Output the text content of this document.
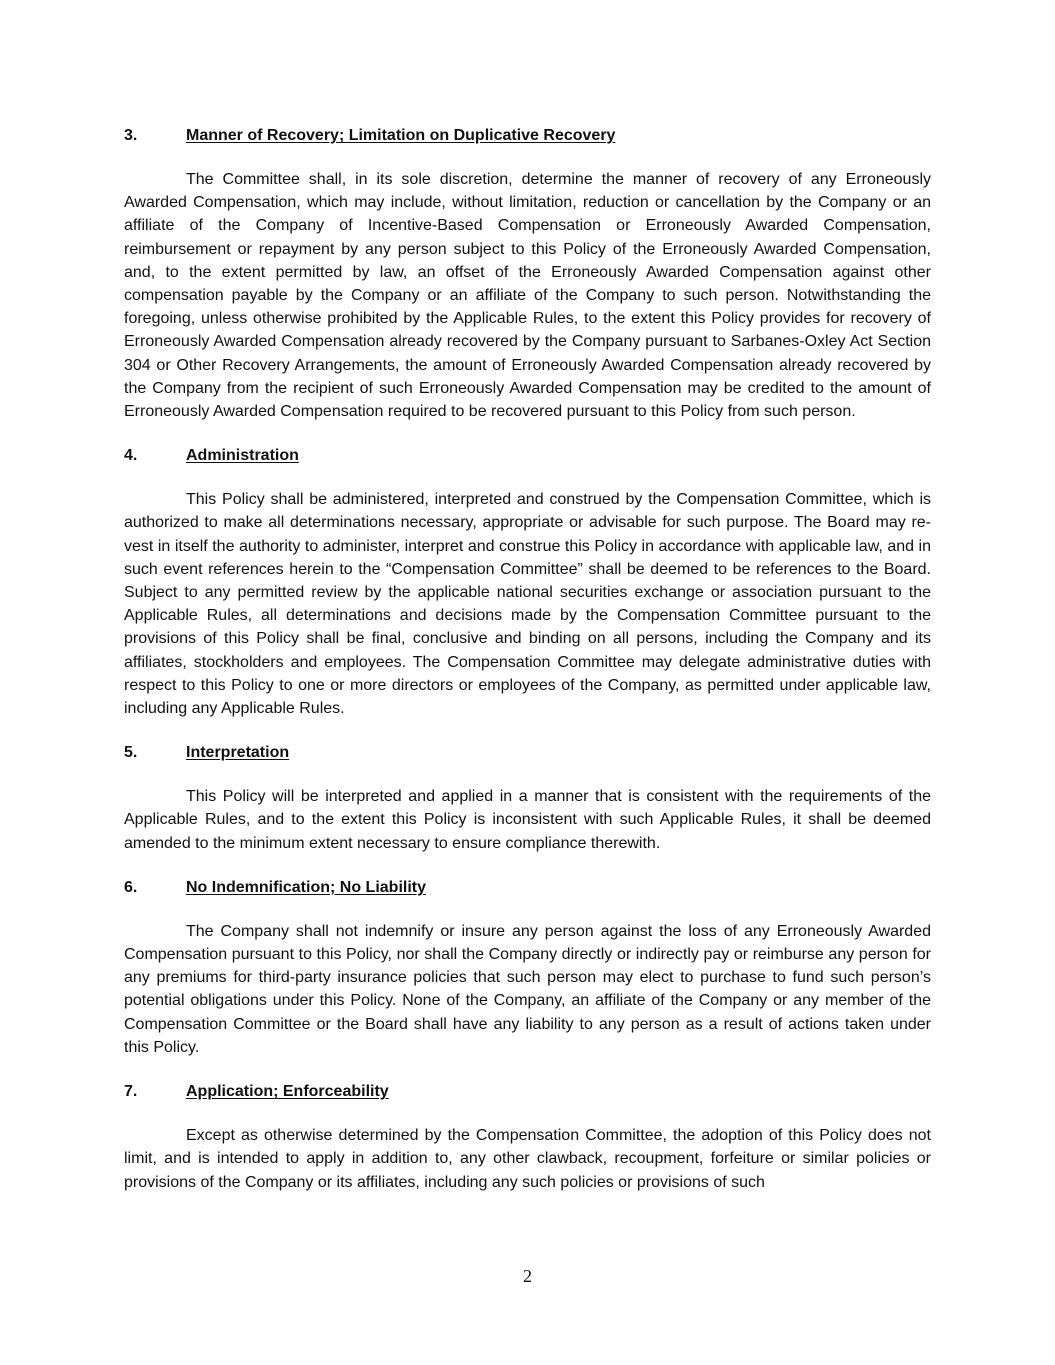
3.	Manner of Recovery; Limitation on Duplicative Recovery

The Committee shall, in its sole discretion, determine the manner of recovery of any Erroneously Awarded Compensation, which may include, without limitation, reduction or cancellation by the Company or an affiliate of the Company of Incentive-Based Compensation or Erroneously Awarded Compensation, reimbursement or repayment by any person subject to this Policy of the Erroneously Awarded Compensation, and, to the extent permitted by law, an offset of the Erroneously Awarded Compensation against other compensation payable by the Company or an affiliate of the Company to such person. Notwithstanding the foregoing, unless otherwise prohibited by the Applicable Rules, to the extent this Policy provides for recovery of Erroneously Awarded Compensation already recovered by the Company pursuant to Sarbanes-Oxley Act Section 304 or Other Recovery Arrangements, the amount of Erroneously Awarded Compensation already recovered by the Company from the recipient of such Erroneously Awarded Compensation may be credited to the amount of Erroneously Awarded Compensation required to be recovered pursuant to this Policy from such person.

4.	Administration

This Policy shall be administered, interpreted and construed by the Compensation Committee, which is authorized to make all determinations necessary, appropriate or advisable for such purpose. The Board may re-vest in itself the authority to administer, interpret and construe this Policy in accordance with applicable law, and in such event references herein to the “Compensation Committee” shall be deemed to be references to the Board. Subject to any permitted review by the applicable national securities exchange or association pursuant to the Applicable Rules, all determinations and decisions made by the Compensation Committee pursuant to the provisions of this Policy shall be final, conclusive and binding on all persons, including the Company and its affiliates, stockholders and employees. The Compensation Committee may delegate administrative duties with respect to this Policy to one or more directors or employees of the Company, as permitted under applicable law, including any Applicable Rules.

5.	Interpretation

This Policy will be interpreted and applied in a manner that is consistent with the requirements of the Applicable Rules, and to the extent this Policy is inconsistent with such Applicable Rules, it shall be deemed amended to the minimum extent necessary to ensure compliance therewith.

6.	No Indemnification; No Liability

The Company shall not indemnify or insure any person against the loss of any Erroneously Awarded Compensation pursuant to this Policy, nor shall the Company directly or indirectly pay or reimburse any person for any premiums for third-party insurance policies that such person may elect to purchase to fund such person’s potential obligations under this Policy. None of the Company, an affiliate of the Company or any member of the Compensation Committee or the Board shall have any liability to any person as a result of actions taken under this Policy.

7.	Application; Enforceability

Except as otherwise determined by the Compensation Committee, the adoption of this Policy does not limit, and is intended to apply in addition to, any other clawback, recoupment, forfeiture or similar policies or provisions of the Company or its affiliates, including any such policies or provisions of such

2
